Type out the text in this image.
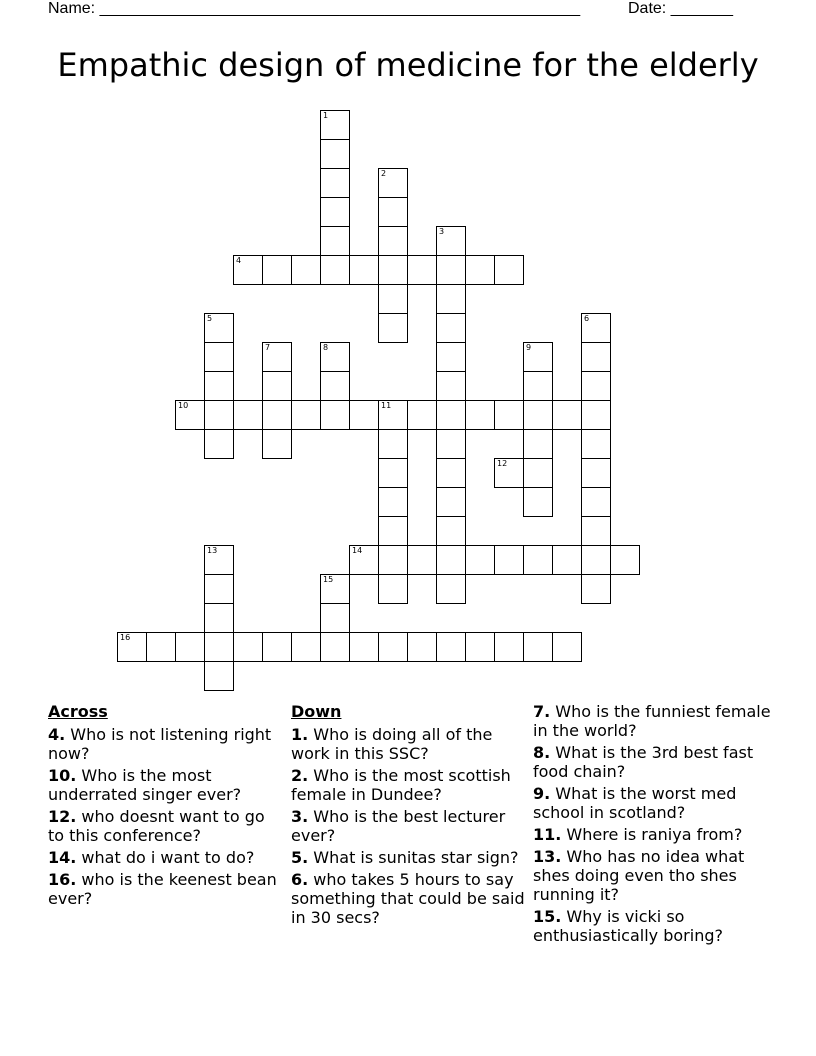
Name: ______________________________________________________	Date: _______
Empathic design of medicine for the elderly
1
2
3
4
5	6
7	8	9
10	11
12
13	14
15
16
Across
4. Who is not listening right now?
10. Who is the most underrated singer ever?
12. who doesnt want to go to this conference?
14. what do i want to do?
16. who is the keenest bean ever?
Down
1. Who is doing all of the work in this SSC?
2. Who is the most scottish female in Dundee?
3. Who is the best lecturer ever?
5. What is sunitas star sign?
6. who takes 5 hours to say something that could be said in 30 secs?
7. Who is the funniest female in the world?
8. What is the 3rd best fast food chain?
9. What is the worst med school in scotland?
11. Where is raniya from?
13. Who has no idea what shes doing even tho shes running it?
15. Why is vicki so enthusiastically boring?
